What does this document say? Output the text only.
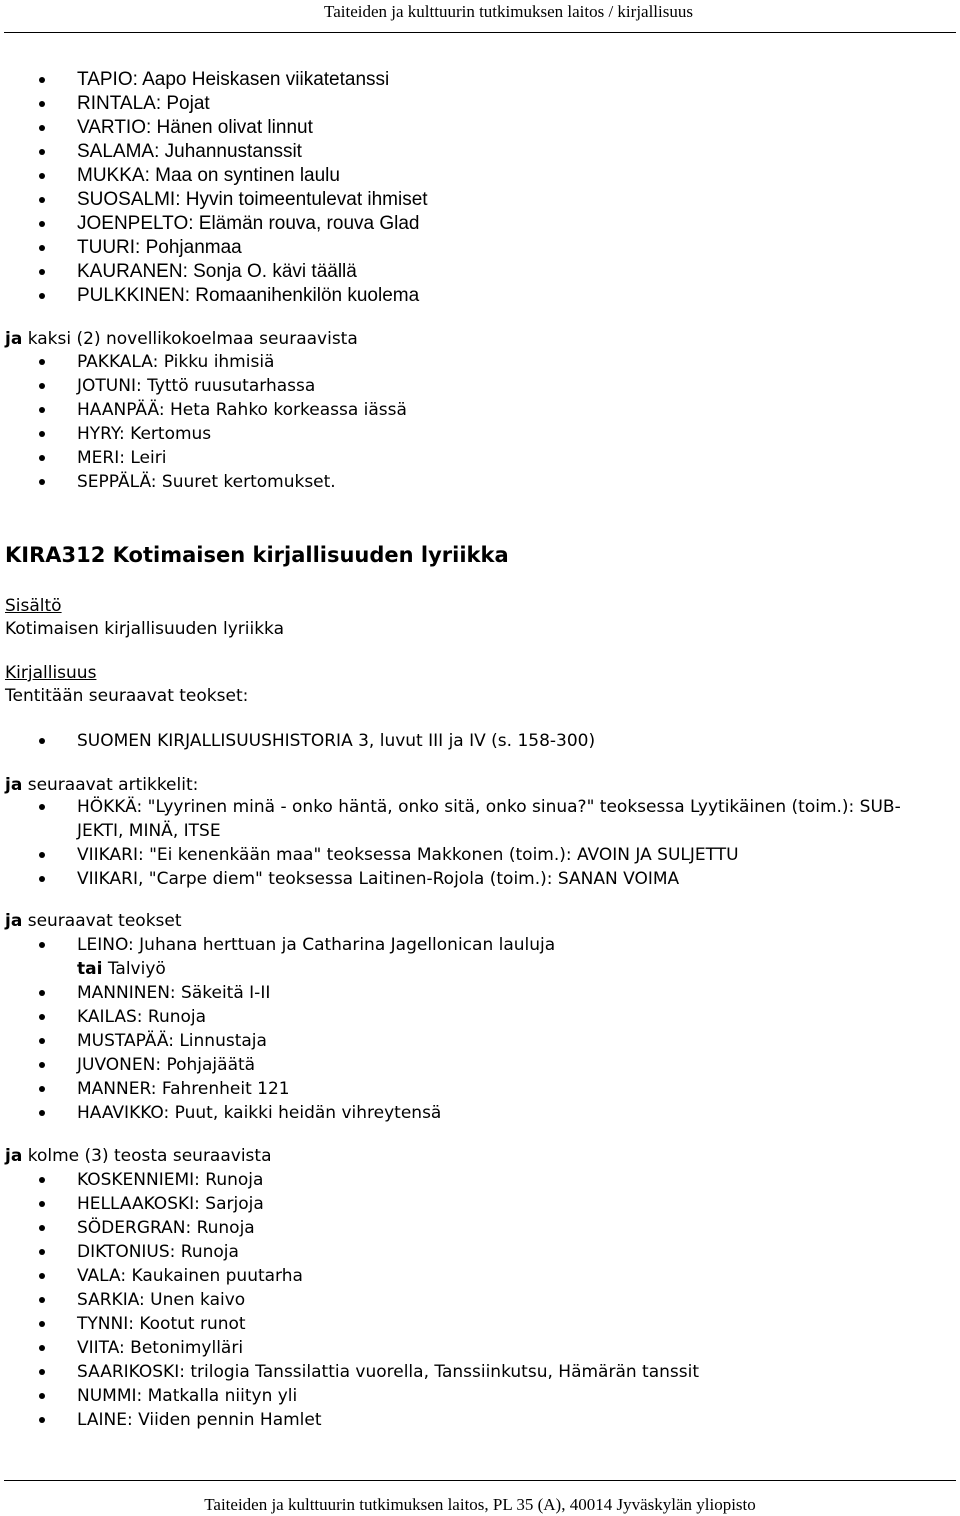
Taiteiden ja kulttuurin tutkimuksen laitos / kirjallisuus
TAPIO: Aapo Heiskasen viikatetanssi
RINTALA: Pojat
VARTIO: Hänen olivat linnut
SALAMA: Juhannustanssit
MUKKA: Maa on syntinen laulu
SUOSALMI: Hyvin toimeentulevat ihmiset
JOENPELTO: Elämän rouva, rouva Glad
TUURI: Pohjanmaa
KAURANEN: Sonja O. kävi täällä
PULKKINEN: Romaanihenkilön kuolema
ja kaksi (2) novellikokoelmaa seuraavista
PAKKALA: Pikku ihmisiä
JOTUNI: Tyttö ruusutarhassa
HAANPÄÄ: Heta Rahko korkeassa iässä
HYRY: Kertomus
MERI: Leiri
SEPPÄLÄ: Suuret kertomukset.
KIRA312 Kotimaisen kirjallisuuden lyriikka
Sisältö
Kotimaisen kirjallisuuden lyriikka
Kirjallisuus
Tentitään seuraavat teokset:
SUOMEN KIRJALLISUUSHISTORIA 3, luvut III ja IV (s. 158-300)
ja seuraavat artikkelit:
HÖKKÄ: "Lyyrinen minä - onko häntä, onko sitä, onko sinua?" teoksessa Lyytikäinen (toim.): SUB-JEKTI, MINÄ, ITSE
VIIKARI: "Ei kenenkään maa" teoksessa Makkonen (toim.): AVOIN JA SULJETTU
VIIKARI, "Carpe diem" teoksessa Laitinen-Rojola (toim.): SANAN VOIMA
ja seuraavat teokset
LEINO: Juhana herttuan ja Catharina Jagellonican lauluja
tai Talviyö
MANNINEN: Säkeitä I-II
KAILAS: Runoja
MUSTAPÄÄ: Linnustaja
JUVONEN: Pohjajäätä
MANNER: Fahrenheit 121
HAAVIKKO: Puut, kaikki heidän vihreytensä
ja kolme (3) teosta seuraavista
KOSKENNIEMI: Runoja
HELLAAKOSKI: Sarjoja
SÖDERGRAN: Runoja
DIKTONIUS: Runoja
VALA: Kaukainen puutarha
SARKIA: Unen kaivo
TYNNI: Kootut runot
VIITA: Betonimylläri
SAARIKOSKI: trilogia Tanssilattia vuorella, Tanssiinkutsu, Hämärän tanssit
NUMMI: Matkalla niityn yli
LAINE: Viiden pennin Hamlet
Taiteiden ja kulttuurin tutkimuksen laitos, PL 35 (A), 40014 Jyväskylän yliopisto
